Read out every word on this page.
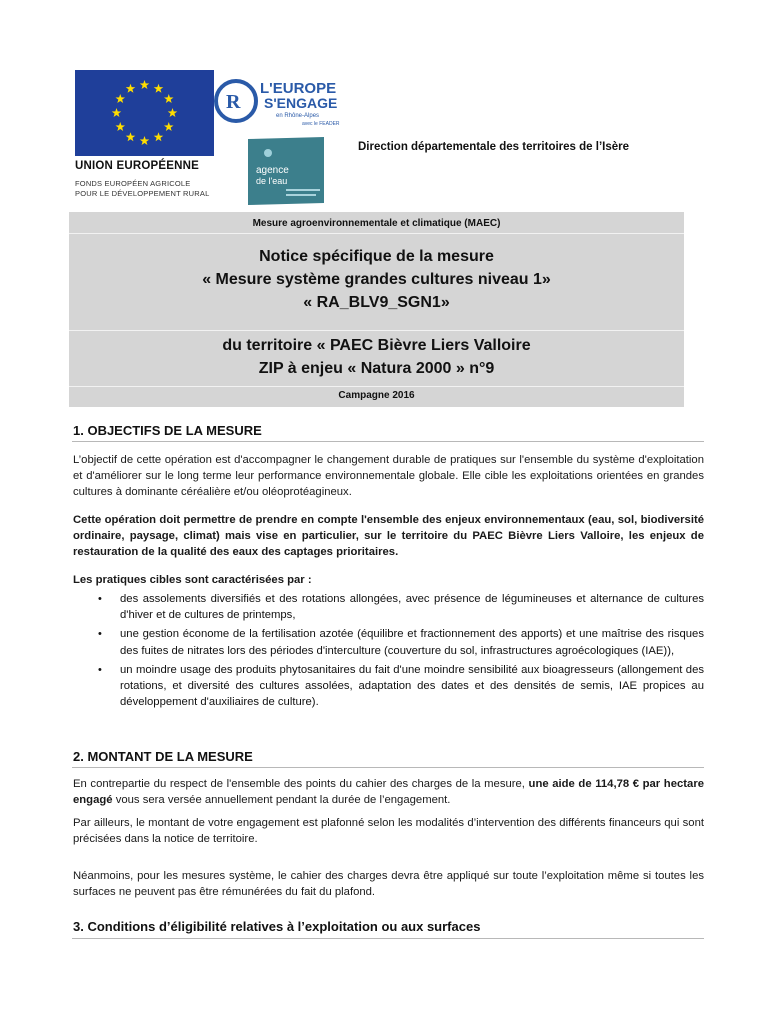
UNION EUROPÉENNE
FONDS EUROPÉEN AGRICOLE
POUR LE DÉVELOPPEMENT RURAL
R
L'EUROPE
S'ENGAGE
en Rhône-Alpes
avec le FEADER
agence
de l'eau
Direction départementale des territoires de l’Isère
Mesure agroenvironnementale et climatique (MAEC)
Notice spécifique de la mesure
« Mesure système grandes cultures niveau 1»
« RA_BLV9_SGN1»
du territoire « PAEC Bièvre Liers Valloire
ZIP à enjeu « Natura 2000 » n°9
Campagne 2016
1. OBJECTIFS DE LA MESURE
L’objectif de cette opération est d'accompagner le changement durable de pratiques sur l'ensemble du système d'exploitation et d'améliorer sur le long terme leur performance environnementale globale. Elle cible les exploitations orientées en grandes cultures à dominante céréalière et/ou oléoprotéagineux.
Cette opération doit permettre de prendre en compte l'ensemble des enjeux environnementaux (eau, sol, biodiversité ordinaire, paysage, climat) mais vise en particulier, sur le territoire du PAEC Bièvre Liers Valloire, les enjeux de restauration de la qualité des eaux des captages prioritaires.
Les pratiques cibles sont caractérisées par :
• des assolements diversifiés et des rotations allongées, avec présence de légumineuses et alternance de cultures d'hiver et de cultures de printemps,
• une gestion économe de la fertilisation azotée (équilibre et fractionnement des apports) et une maîtrise des risques des fuites de nitrates lors des périodes d'interculture (couverture du sol, infrastructures agroécologiques (IAE)),
• un moindre usage des produits phytosanitaires du fait d'une moindre sensibilité aux bioagresseurs (allongement des rotations, et diversité des cultures assolées, adaptation des dates et des densités de semis, IAE propices au développement d'auxiliaires de culture).
2. MONTANT DE LA MESURE
En contrepartie du respect de l'ensemble des points du cahier des charges de la mesure, une aide de 114,78 € par hectare engagé vous sera versée annuellement pendant la durée de l’engagement.
Par ailleurs, le montant de votre engagement est plafonné selon les modalités d’intervention des différents financeurs qui sont précisées dans la notice de territoire.
Néanmoins, pour les mesures système, le cahier des charges devra être appliqué sur toute l’exploitation même si toutes les surfaces ne peuvent pas être rémunérées du fait du plafond.
3. Conditions d’éligibilité relatives à l’exploitation ou aux surfaces
